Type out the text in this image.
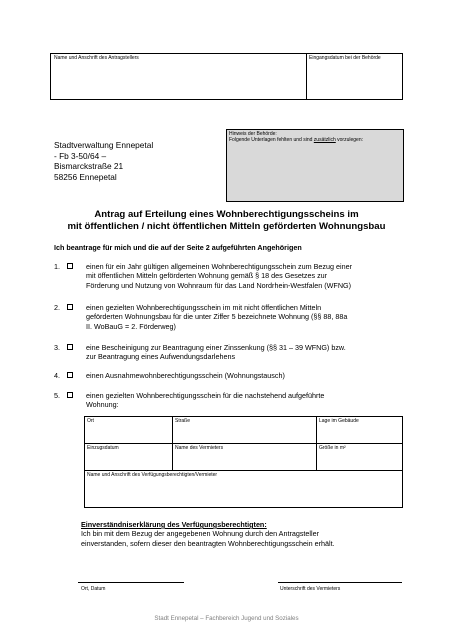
Name und Anschrift des Antragstellers	Eingangsdatum bei der Behörde
Stadtverwaltung Ennepetal
- Fb 3-50/64 –
Bismarckstraße 21
58256 Ennepetal
Hinweis der Behörde:
Folgende Unterlagen fehlten und sind zusätzlich vorzulegen:
Antrag auf Erteilung eines Wohnberechtigungsscheins im
mit öffentlichen / nicht öffentlichen Mitteln geförderten Wohnungsbau
Ich beantrage für mich und die auf der Seite 2 aufgeführten Angehörigen
1.	einen für ein Jahr gültigen allgemeinen Wohnberechtigungsschein zum Bezug einer
mit öffentlichen Mitteln geförderten Wohnung gemäß § 18 des Gesetzes zur
Förderung und Nutzung von Wohnraum für das Land Nordrhein-Westfalen (WFNG)
2.	einen gezielten Wohnberechtigungsschein im mit nicht öffentlichen Mitteln
geförderten Wohnungsbau für die unter Ziffer 5 bezeichnete Wohnung (§§ 88, 88a
II. WoBauG = 2. Förderweg)
3.	eine Bescheinigung zur Beantragung einer Zinssenkung (§§ 31 – 39 WFNG) bzw.
zur Beantragung eines Aufwendungsdarlehens
4.	einen Ausnahmewohnberechtigungsschein (Wohnungstausch)
5.	einen gezielten Wohnberechtigungsschein für die nachstehend aufgeführte
Wohnung:
Ort	Straße	Lage im Gebäude
Einzugsdatum	Name des Vermieters	Größe in m²
Name und Anschrift des Verfügungsberechtigten/Vermieter
Einverständniserklärung des Verfügungsberechtigten:
Ich bin mit dem Bezug der angegebenen Wohnung durch den Antragsteller
einverstanden, sofern dieser den beantragten Wohnberechtigungsschein erhält.
Ort, Datum	Unterschrift des Vermieters
Stadt Ennepetal – Fachbereich Jugend und Soziales
